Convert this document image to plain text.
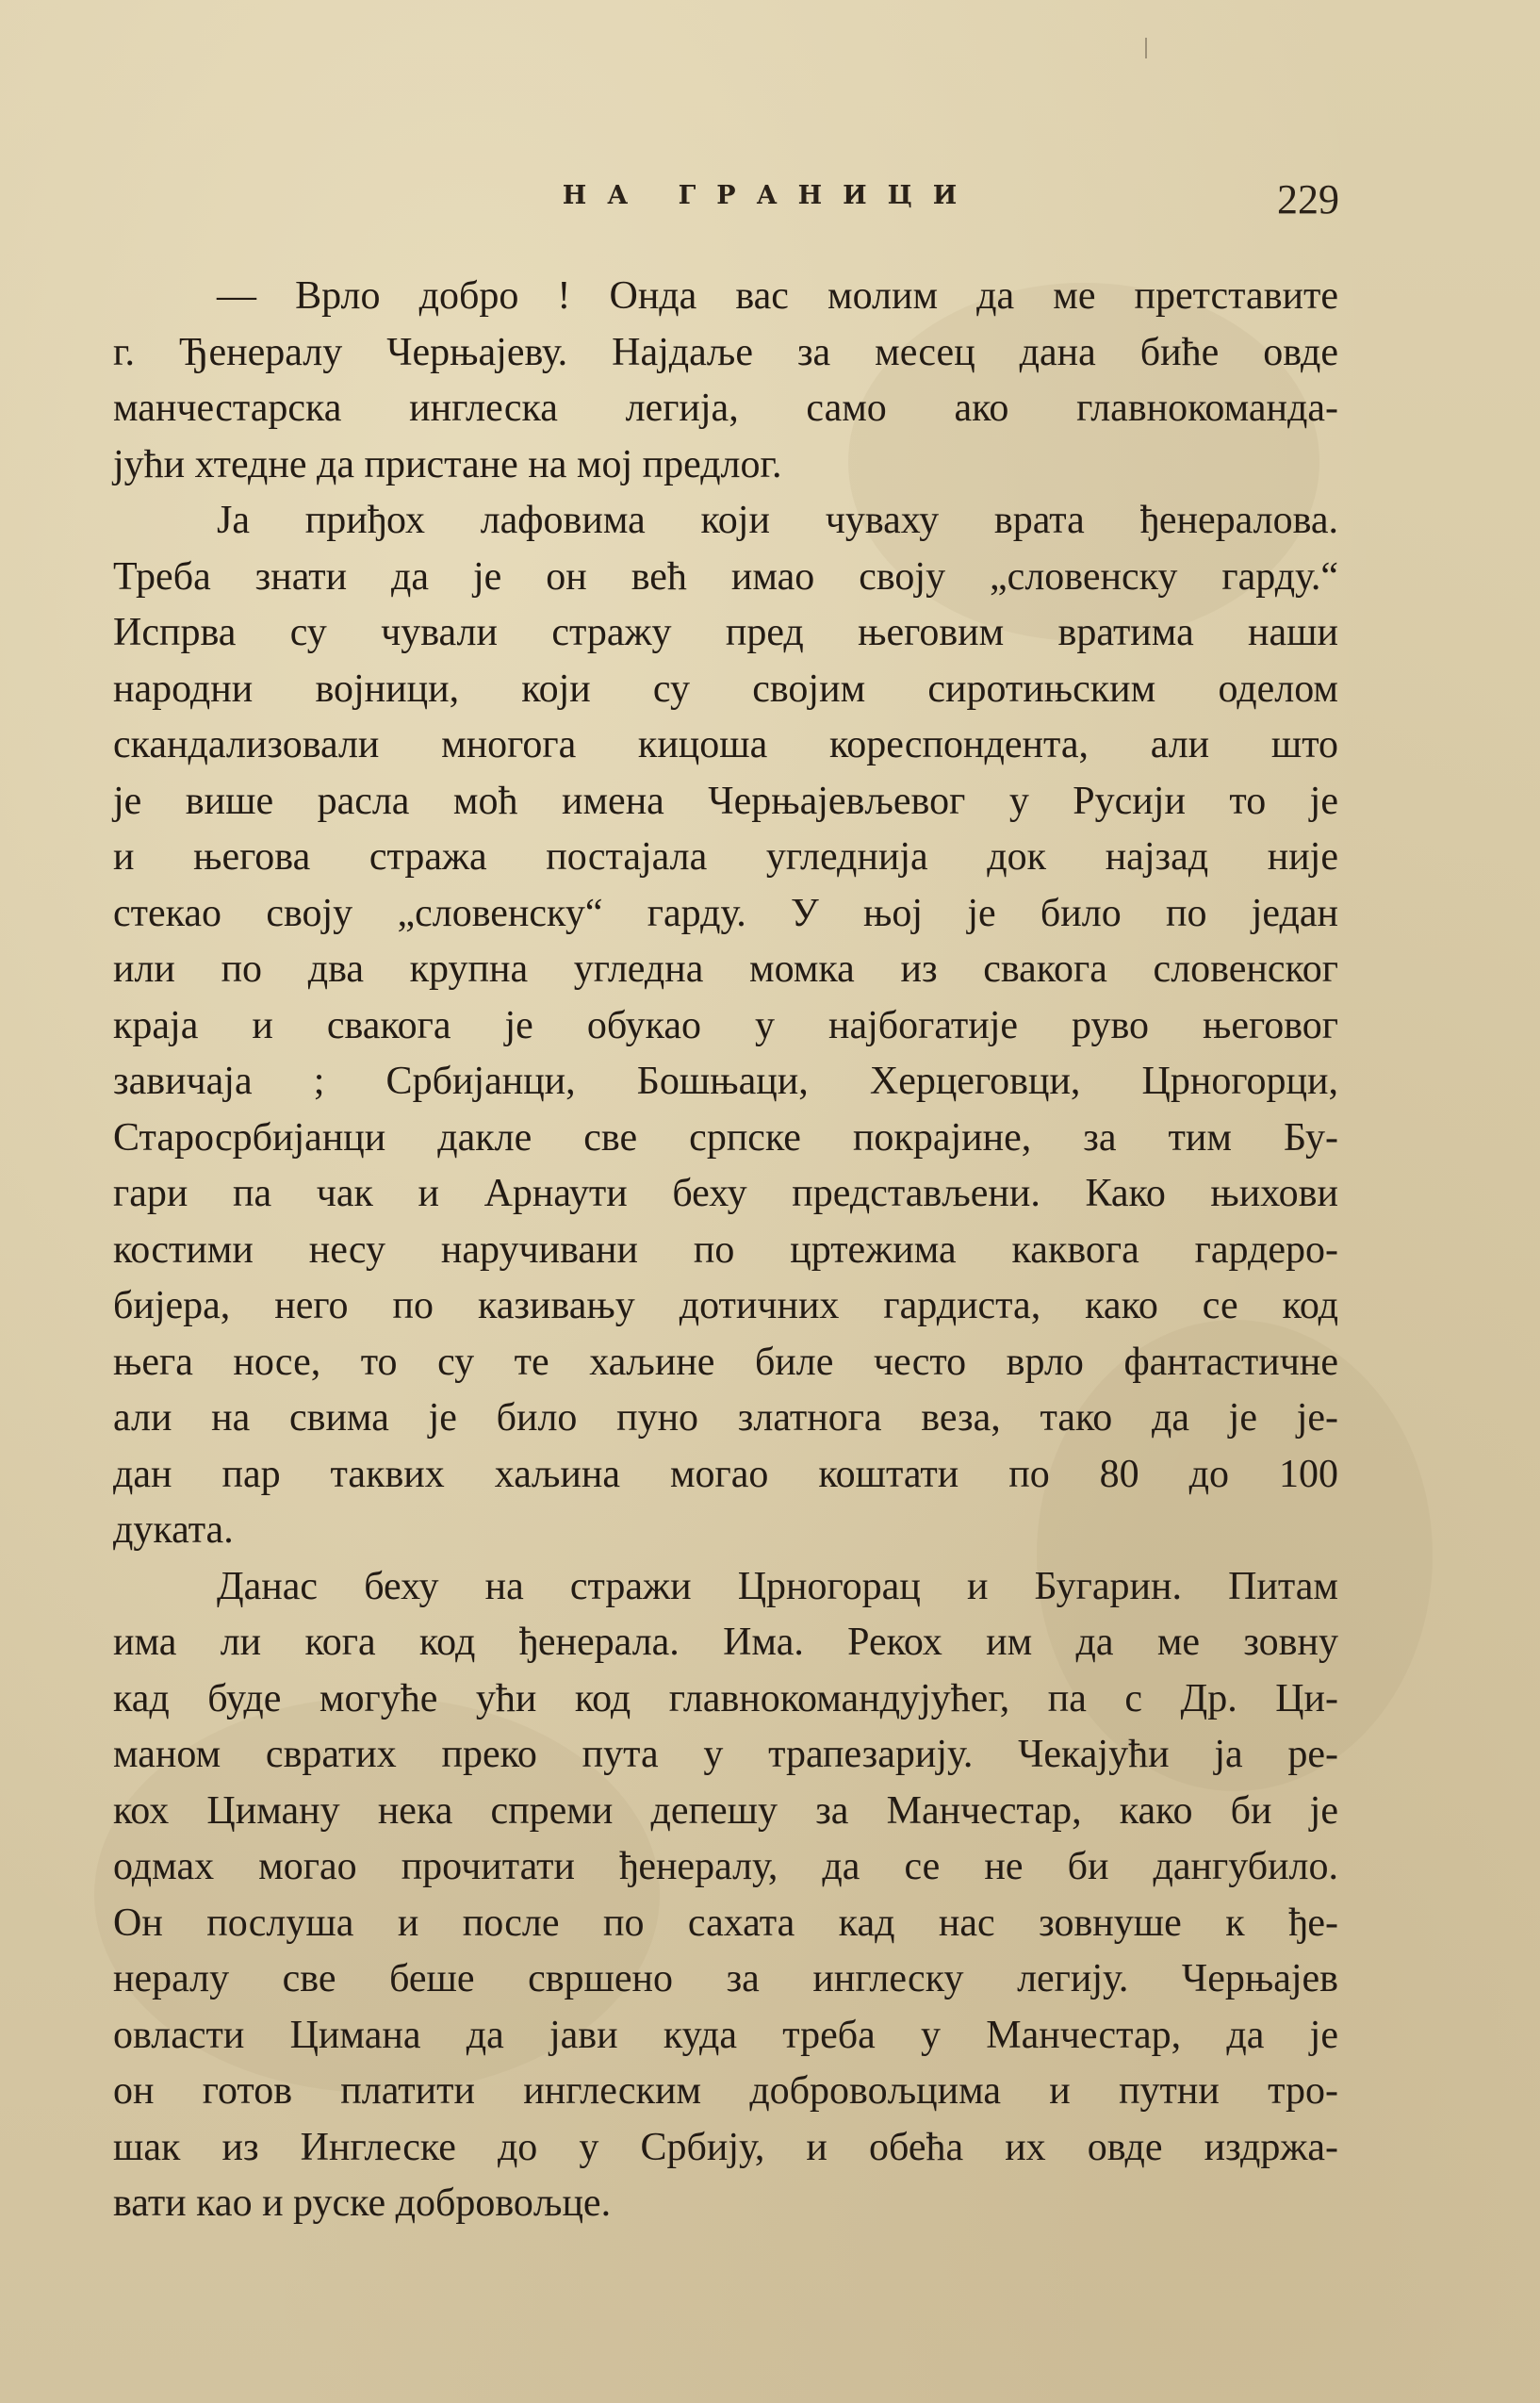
НА ГРАНИЦИ	229
— Врло добро ! Онда вас молим да ме претставите
г. Ђенералу Черњајеву. Најдаље за месец дана биће овде
манчестарска инглеска легија, само ако главнокоманда-
јући хтедне да пристане на мој предлог.
Ја приђох лафовима који чуваху врата ђенералова.
Треба знати да је он већ имао своју „словенску гарду.“
Испрва су чували стражу пред његовим вратима наши
народни војници, који су својим сиротињским оделом
скандализовали многога кицоша кореспондента, али што
је више расла моћ имена Черњајевљевог у Русији то је
и његова стража постајала угледнија док најзад није
стекао своју „словенску“ гарду. У њој је било по један
или по два крупна угледна момка из свакога словенског
краја и свакога је обукао у најбогатије руво његовог
завичаја ; Србијанци, Бошњаци, Херцеговци, Црногорци,
Старосрбијанци дакле све српске покрајине, за тим Бу-
гари па чак и Арнаути беху представљени. Како њихови
костими несу наручивани по цртежима каквога гардеро-
бијера, него по казивању дотичних гардиста, како се код
њега носе, то су те хаљине биле често врло фантастичне
али на свима је било пуно златнога веза, тако да је је-
дан пар таквих хаљина могао коштати по 80 до 100
дуката.
Данас беху на стражи Црногорац и Бугарин. Питам
има ли кога код ђенерала. Има. Рекох им да ме зовну
кад буде могуће ући код главнокомандујућег, па с Др. Ци-
маном свратих преко пута у трапезарију. Чекајући ја ре-
кох Циману нека спреми депешу за Манчестар, како би је
одмах могао прочитати ђенералу, да се не би дангубило.
Он послуша и после по сахата кад нас зовнуше к ђе-
нералу све беше свршено за инглеску легију. Черњајев
овласти Цимана да јави куда треба у Манчестар, да је
он готов платити инглеским добровољцима и путни тро-
шак из Инглеске до у Србију, и обећа их овде издржа-
вати као и руске добровољце.
